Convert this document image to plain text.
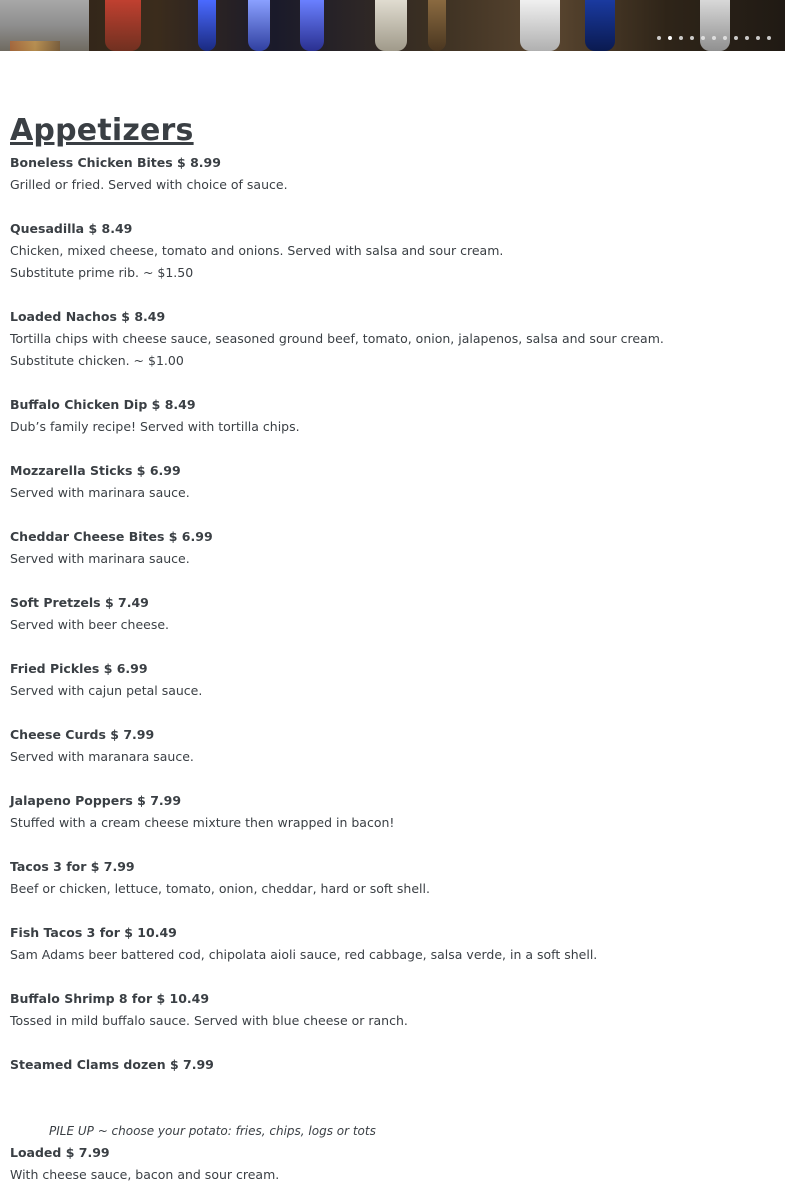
Appetizers
Boneless Chicken Bites $ 8.99
Grilled or fried. Served with choice of sauce.
Quesadilla $ 8.49
Chicken, mixed cheese, tomato and onions. Served with salsa and sour cream.
Substitute prime rib. ~ $1.50
Loaded Nachos $ 8.49
Tortilla chips with cheese sauce, seasoned ground beef, tomato, onion, jalapenos, salsa and sour cream.
Substitute chicken. ~ $1.00
Buffalo Chicken Dip $ 8.49
Dub’s family recipe! Served with tortilla chips.
Mozzarella Sticks $ 6.99
Served with marinara sauce.
Cheddar Cheese Bites $ 6.99
Served with marinara sauce.
Soft Pretzels $ 7.49
Served with beer cheese.
Fried Pickles $ 6.99
Served with cajun petal sauce.
Cheese Curds $ 7.99
Served with maranara sauce.
Jalapeno Poppers $ 7.99
Stuffed with a cream cheese mixture then wrapped in bacon!
Tacos 3 for $ 7.99
Beef or chicken, lettuce, tomato, onion, cheddar, hard or soft shell.
Fish Tacos 3 for $ 10.49
Sam Adams beer battered cod, chipolata aioli sauce, red cabbage, salsa verde, in a soft shell.
Buffalo Shrimp 8 for $ 10.49
Tossed in mild buffalo sauce. Served with blue cheese or ranch.
Steamed Clams dozen $ 7.99
PILE UP ~ choose your potato: fries, chips, logs or tots
Loaded $ 7.99
With cheese sauce, bacon and sour cream.
